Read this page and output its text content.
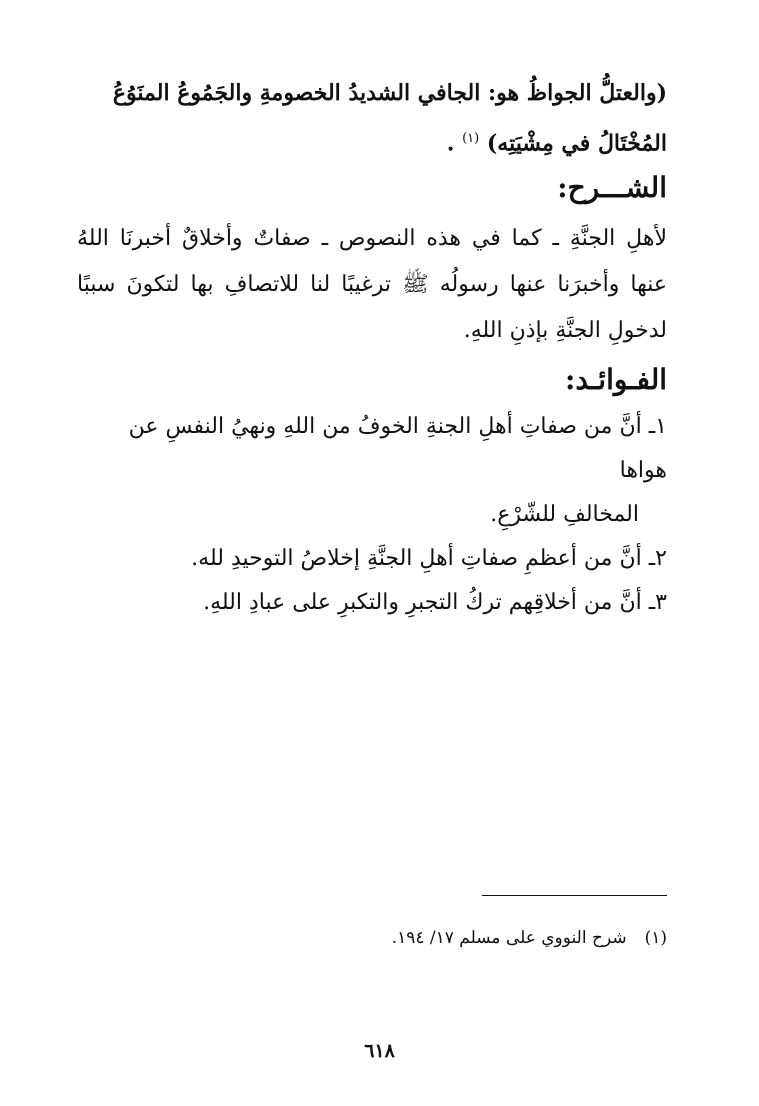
(والعتلُّ الجواظُ هو: الجافي الشديدُ الخصومةِ والجَمُوعُ المنَوُعُ
المُخْتَالُ في مِشْيَتِه) $^{(١)}$ .
الشـــرح:
لأهلِ الجنَّةِ ـ كما في هذه النصوص ـ صفاتٌ وأخلاقٌ أخبرنَا اللهُ عنها وأخبرَنا عنها رسولُه ﷺ ترغيبًا لنا للاتصافِ بها لتكونَ سببًا لدخولِ الجنَّةِ بإذنِ اللهِ.
الفـوائـد:
١ـ أنَّ من صفاتِ أهلِ الجنةِ الخوفُ من اللهِ ونهيُ النفسِ عن هواها
المخالفِ للشّرْعِ.
٢ـ أنَّ من أعظمِ صفاتِ أهلِ الجنَّةِ إخلاصُ التوحيدِ لله.
٣ـ أنَّ من أخلاقِهم تركُ التجبرِ والتكبرِ على عبادِ اللهِ.
(١)شرح النووي على مسلم ١٧/ ١٩٤.
٦١٨
